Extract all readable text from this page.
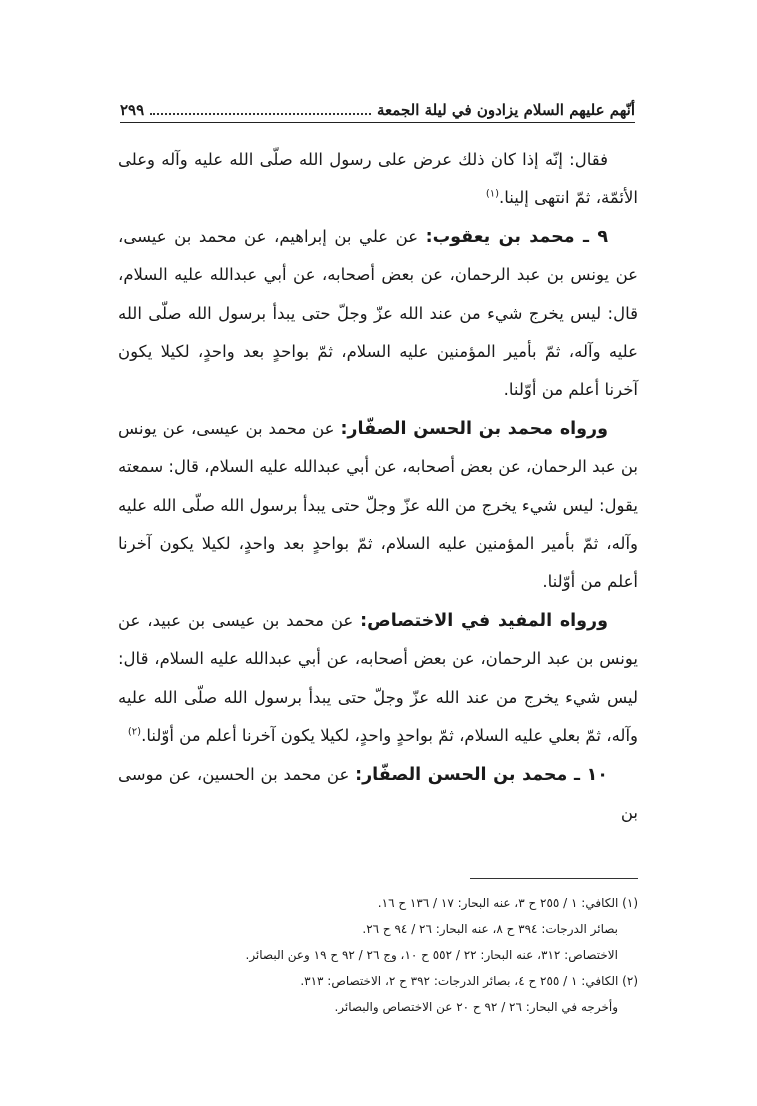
أنّهم عليهم السلام يزادون في ليلة الجمعة
٢٩٩

فقال: إنّه إذا كان ذلك عرض على رسول الله صلّى الله عليه وآله وعلى الأئمّة، ثمّ انتهى إلينا.$^{(١)}$

٩ ـ محمد بن يعقوب: عن علي بن إبراهيم، عن محمد بن عيسى، عن يونس بن عبد الرحمان، عن بعض أصحابه، عن أبي عبدالله عليه السلام، قال: ليس يخرج شيء من عند الله عزّ وجلّ حتى يبدأ برسول الله صلّى الله عليه وآله، ثمّ بأمير المؤمنين عليه السلام، ثمّ بواحدٍ بعد واحدٍ، لكيلا يكون آخرنا أعلم من أوّلنا.

ورواه محمد بن الحسن الصفّار: عن محمد بن عيسى، عن يونس بن عبد الرحمان، عن بعض أصحابه، عن أبي عبدالله عليه السلام، قال: سمعته يقول: ليس شيء يخرج من الله عزّ وجلّ حتى يبدأ برسول الله صلّى الله عليه وآله، ثمّ بأمير المؤمنين عليه السلام، ثمّ بواحدٍ بعد واحدٍ، لكيلا يكون آخرنا أعلم من أوّلنا.

ورواه المفيد في الاختصاص: عن محمد بن عيسى بن عبيد، عن يونس بن عبد الرحمان، عن بعض أصحابه، عن أبي عبدالله عليه السلام، قال: ليس شيء يخرج من عند الله عزّ وجلّ حتى يبدأ برسول الله صلّى الله عليه وآله، ثمّ بعلي عليه السلام، ثمّ بواحدٍ واحدٍ، لكيلا يكون آخرنا أعلم من أوّلنا.$^{(٢)}$

١٠ ـ محمد بن الحسن الصفّار: عن محمد بن الحسين، عن موسى بن

(١) الكافي: ١ / ٢٥٥ ح ٣، عنه البحار: ١٧ / ١٣٦ ح ١٦.
بصائر الدرجات: ٣٩٤ ح ٨، عنه البحار: ٢٦ / ٩٤ ح ٢٦.
الاختصاص: ٣١٢، عنه البحار: ٢٢ / ٥٥٢ ح ١٠، وج ٢٦ / ٩٢ ح ١٩ وعن البصائر.
(٢) الكافي: ١ / ٢٥٥ ح ٤، بصائر الدرجات: ٣٩٢ ح ٢، الاختصاص: ٣١٣.
وأخرجه في البحار: ٢٦ / ٩٢ ح ٢٠ عن الاختصاص والبصائر.
